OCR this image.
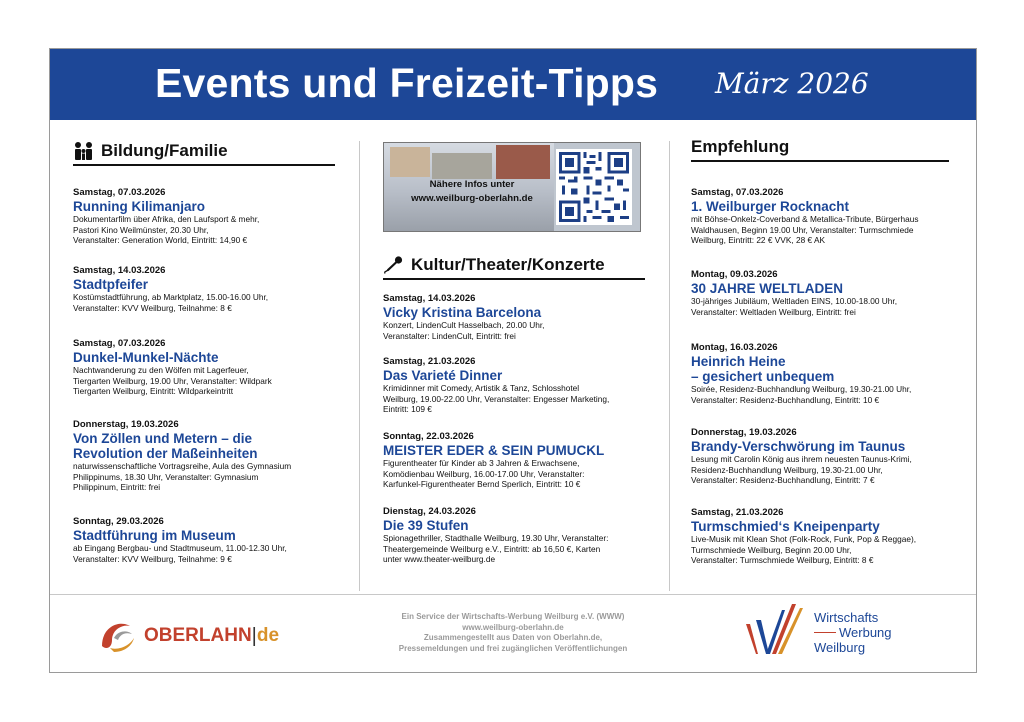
Events und Freizeit-Tipps März 2026
Bildung/Familie
Samstag, 07.03.2026
Running Kilimanjaro
Dokumentarfilm über Afrika, den Laufsport & mehr,
Pastori Kino Weilmünster, 20.30 Uhr,
Veranstalter: Generation World, Eintritt: 14,90 €
Samstag, 14.03.2026
Stadtpfeifer
Kostümstadtführung, ab Marktplatz, 15.00-16.00 Uhr,
Veranstalter: KVV Weilburg, Teilnahme: 8 €
Samstag, 07.03.2026
Dunkel-Munkel-Nächte
Nachtwanderung zu den Wölfen mit Lagerfeuer,
Tiergarten Weilburg, 19.00 Uhr, Veranstalter: Wildpark
Tiergarten Weilburg, Eintritt: Wildparkeintritt
Donnerstag, 19.03.2026
Von Zöllen und Metern – die
Revolution der Maßeinheiten
naturwissenschaftliche Vortragsreihe, Aula des Gymnasium
Philippinums, 18.30 Uhr, Veranstalter: Gymnasium
Philippinum, Eintritt: frei
Sonntag, 29.03.2026
Stadtführung im Museum
ab Eingang Bergbau- und Stadtmuseum, 11.00-12.30 Uhr,
Veranstalter: KVV Weilburg, Teilnahme: 9 €
Nähere Infos unter
www.weilburg-oberlahn.de
Kultur/Theater/Konzerte
Samstag, 14.03.2026
Vicky Kristina Barcelona
Konzert, LindenCult Hasselbach, 20.00 Uhr,
Veranstalter: LindenCult, Eintritt: frei
Samstag, 21.03.2026
Das Varieté Dinner
Krimidinner mit Comedy, Artistik & Tanz, Schlosshotel
Weilburg, 19.00-22.00 Uhr, Veranstalter: Engesser Marketing,
Eintritt: 109 €
Sonntag, 22.03.2026
MEISTER EDER & SEIN PUMUCKL
Figurentheater für Kinder ab 3 Jahren & Erwachsene,
Komödienbau Weilburg, 16.00-17.00 Uhr, Veranstalter:
Karfunkel-Figurentheater Bernd Sperlich, Eintritt: 10 €
Dienstag, 24.03.2026
Die 39 Stufen
Spionagethriller, Stadthalle Weilburg, 19.30 Uhr, Veranstalter:
Theatergemeinde Weilburg e.V., Eintritt: ab 16,50 €, Karten
unter www.theater-weilburg.de
Empfehlung
Samstag, 07.03.2026
1. Weilburger Rocknacht
mit Böhse-Onkelz-Coverband & Metallica-Tribute, Bürgerhaus
Waldhausen, Beginn 19.00 Uhr, Veranstalter: Turmschmiede
Weilburg, Eintritt: 22 € VVK, 28 € AK
Montag, 09.03.2026
30 JAHRE WELTLADEN
30-jähriges Jubiläum, Weltladen EINS, 10.00-18.00 Uhr,
Veranstalter: Weltladen Weilburg, Eintritt: frei
Montag, 16.03.2026
Heinrich Heine
– gesichert unbequem
Soirée, Residenz-Buchhandlung Weilburg, 19.30-21.00 Uhr,
Veranstalter: Residenz-Buchhandlung, Eintritt: 10 €
Donnerstag, 19.03.2026
Brandy-Verschwörung im Taunus
Lesung mit Carolin König aus ihrem neuesten Taunus-Krimi,
Residenz-Buchhandlung Weilburg, 19.30-21.00 Uhr,
Veranstalter: Residenz-Buchhandlung, Eintritt: 7 €
Samstag, 21.03.2026
Turmschmied‘s Kneipenparty
Live-Musik mit Klean Shot (Folk-Rock, Funk, Pop & Reggae),
Turmschmiede Weilburg, Beginn 20.00 Uhr,
Veranstalter: Turmschmiede Weilburg, Eintritt: 8 €
OBERLAHN | de
Ein Service der Wirtschafts-Werbung Weilburg e.V. (WWW)
www.weilburg-oberlahn.de
Zusammengestellt aus Daten von Oberlahn.de,
Pressemeldungen und frei zugänglichen Veröffentlichungen
Wirtschafts
Werbung
Weilburg
